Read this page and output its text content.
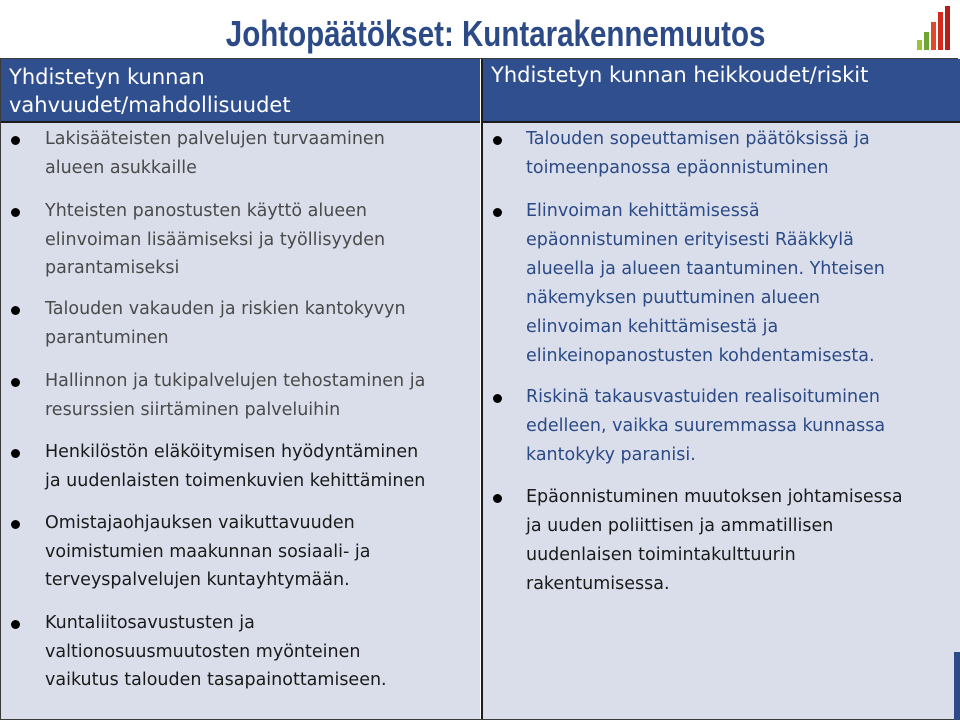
Johtopäätökset: Kuntarakennemuutos
Yhdistetyn kunnan
vahvuudet/mahdollisuudet
Lakisääteisten palvelujen turvaaminen
alueen asukkaille
Yhteisten panostusten käyttö alueen
elinvoiman lisäämiseksi ja työllisyyden
parantamiseksi
Talouden vakauden ja riskien kantokyvyn
parantuminen
Hallinnon ja tukipalvelujen tehostaminen ja
resurssien siirtäminen palveluihin
Henkilöstön eläköitymisen hyödyntäminen
ja uudenlaisten toimenkuvien kehittäminen
Omistajaohjauksen vaikuttavuuden
voimistumien maakunnan sosiaali- ja
terveyspalvelujen kuntayhtymään.
Kuntaliitosavustusten ja
valtionosuusmuutosten myönteinen
vaikutus talouden tasapainottamiseen.
Yhdistetyn kunnan heikkoudet/riskit
Talouden sopeuttamisen päätöksissä ja
toimeenpanossa epäonnistuminen
Elinvoiman kehittämisessä
epäonnistuminen erityisesti Rääkkylä
alueella ja alueen taantuminen. Yhteisen
näkemyksen puuttuminen alueen
elinvoiman kehittämisestä ja
elinkeinopanostusten kohdentamisesta.
Riskinä takausvastuiden realisoituminen
edelleen, vaikka suuremmassa kunnassa
kantokyky paranisi.
Epäonnistuminen muutoksen johtamisessa
ja uuden poliittisen ja ammatillisen
uudenlaisen toimintakulttuurin
rakentumisessa.
